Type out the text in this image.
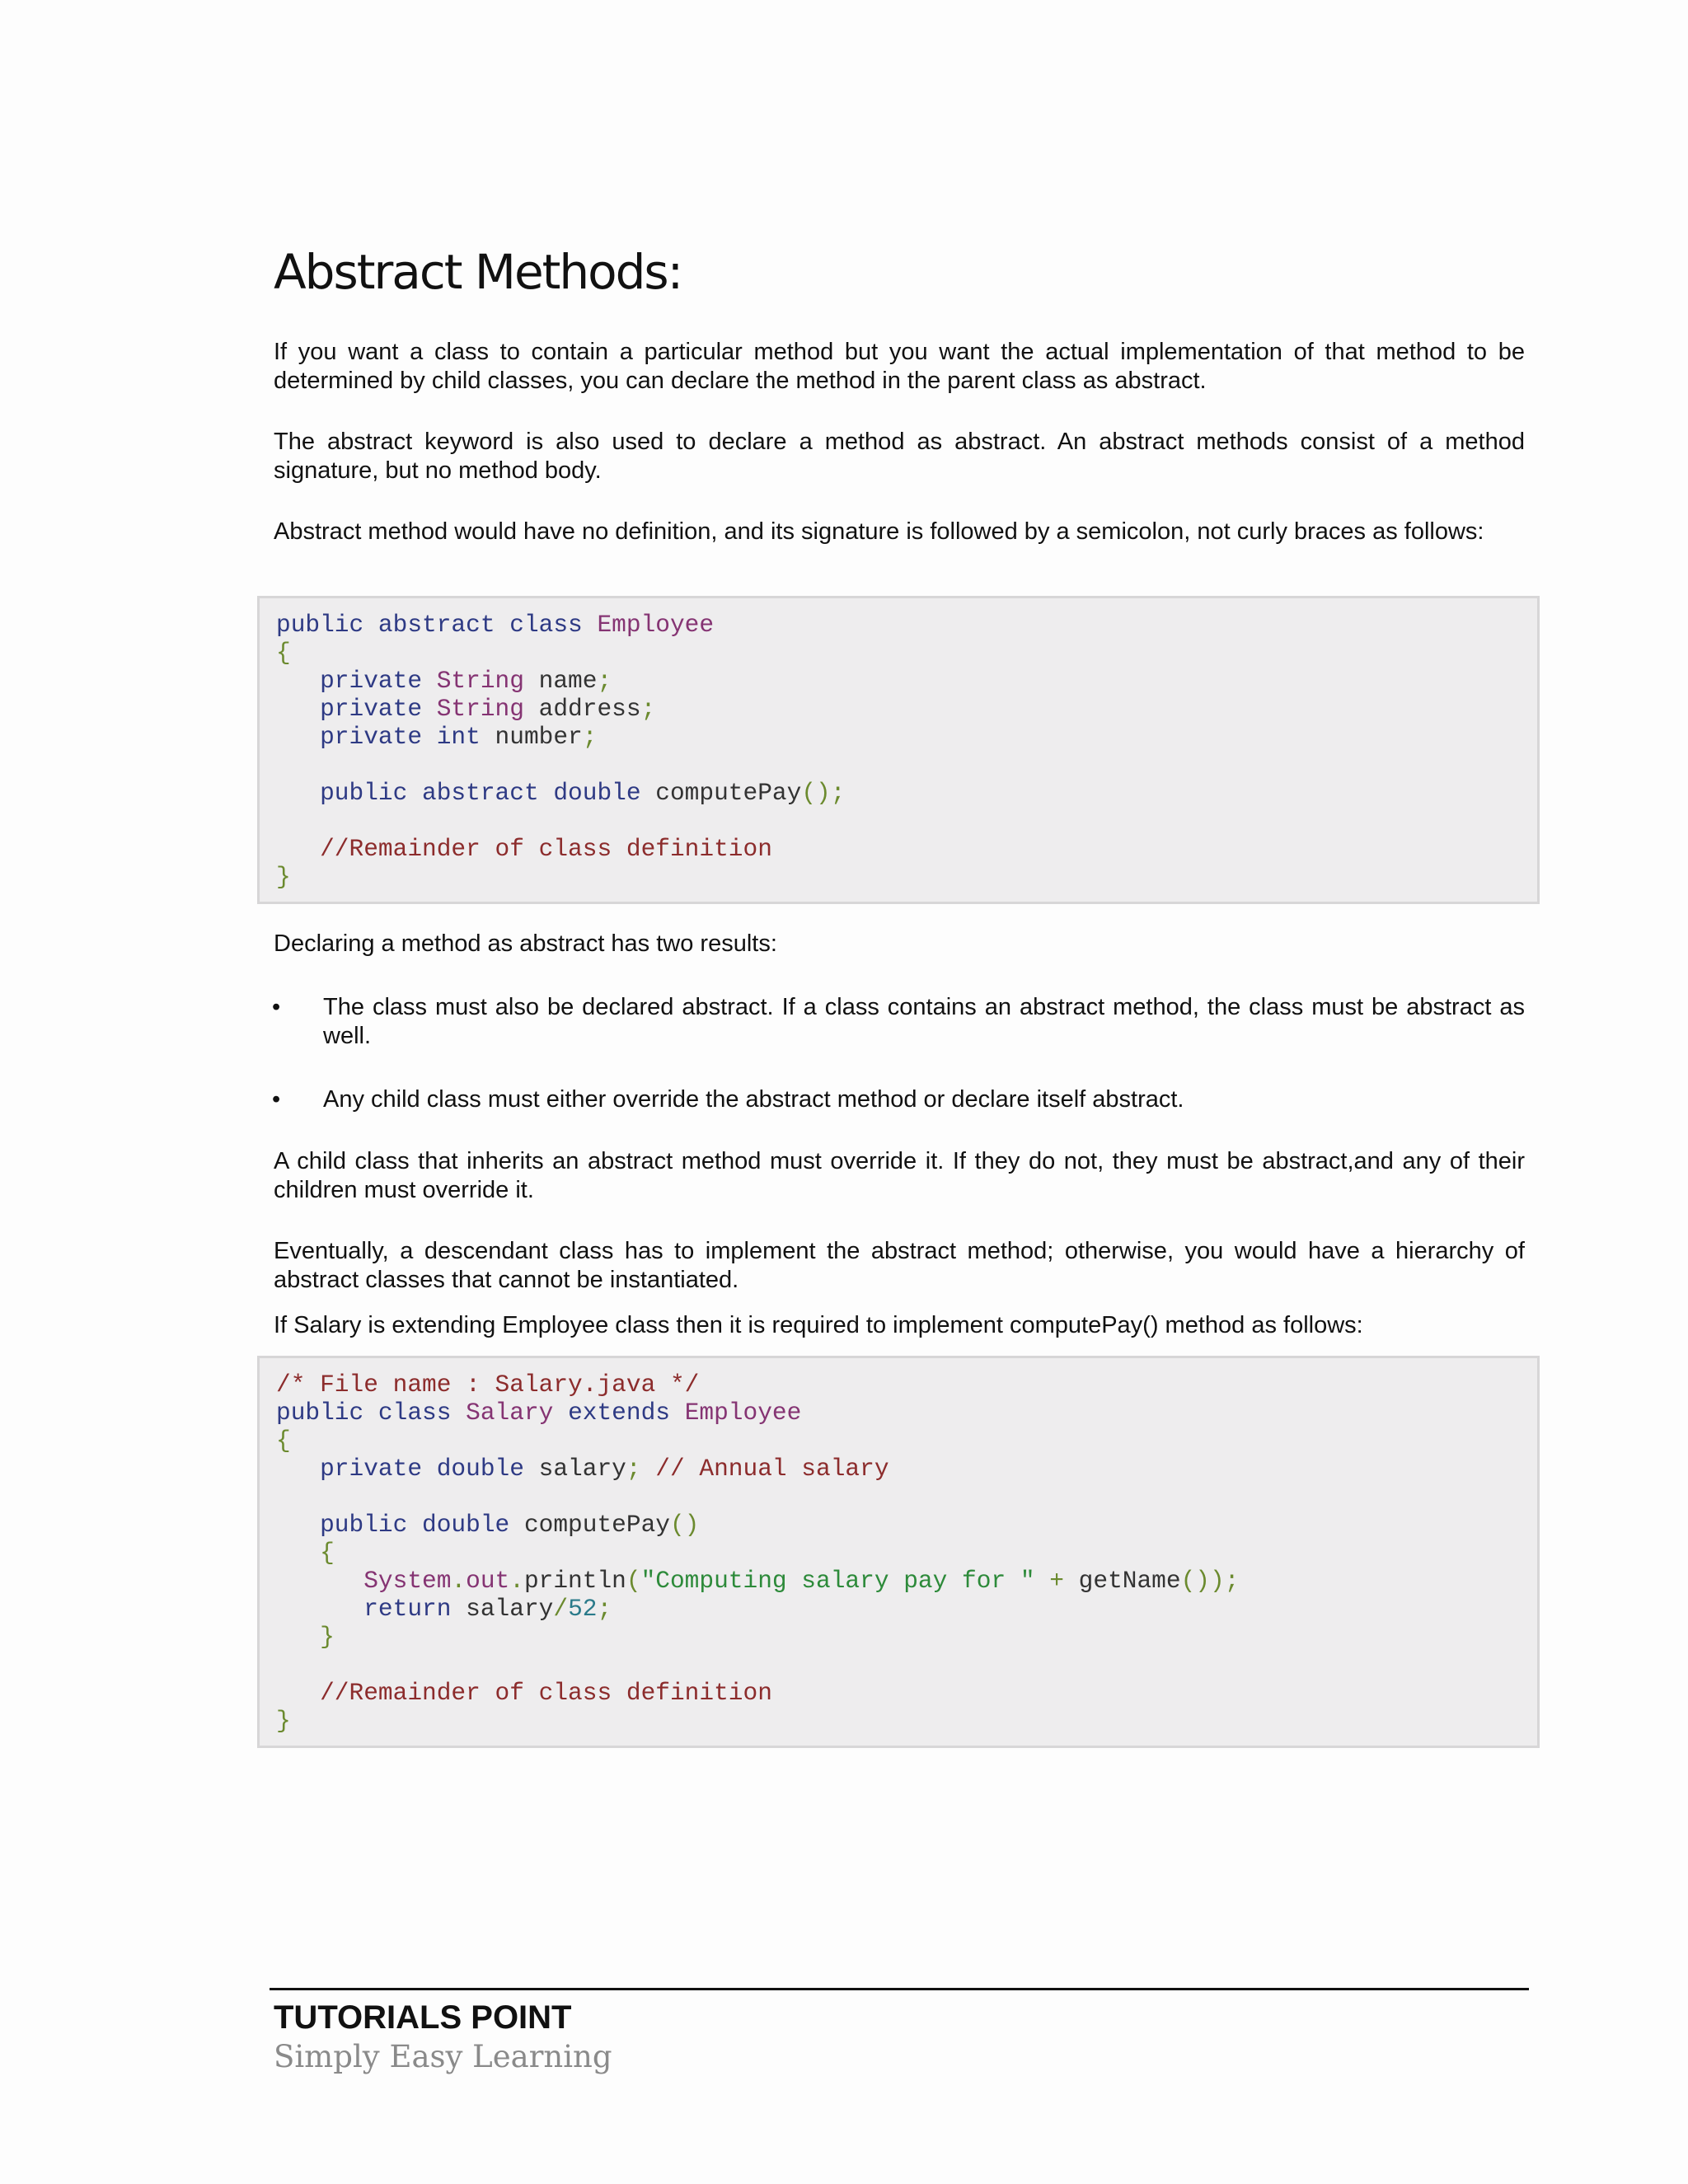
Abstract Methods:

If you want a class to contain a particular method but you want the actual implementation of that method to be determined by child classes, you can declare the method in the parent class as abstract.

The abstract keyword is also used to declare a method as abstract. An abstract methods consist of a method signature, but no method body.

Abstract method would have no definition, and its signature is followed by a semicolon, not curly braces as follows:

public abstract class Employee
{
private String name;
private String address;
private int number;

public abstract double computePay();

//Remainder of class definition
}

Declaring a method as abstract has two results:

• The class must also be declared abstract. If a class contains an abstract method, the class must be abstract as well.

• Any child class must either override the abstract method or declare itself abstract.

A child class that inherits an abstract method must override it. If they do not, they must be abstract,and any of their children must override it.

Eventually, a descendant class has to implement the abstract method; otherwise, you would have a hierarchy of abstract classes that cannot be instantiated.

If Salary is extending Employee class then it is required to implement computePay() method as follows:

/* File name : Salary.java */
public class Salary extends Employee
{
private double salary; // Annual salary

public double computePay()
{
System.out.println("Computing salary pay for " + getName());
return salary/52;
}

//Remainder of class definition
}
TUTORIALS POINT
Simply Easy Learning
